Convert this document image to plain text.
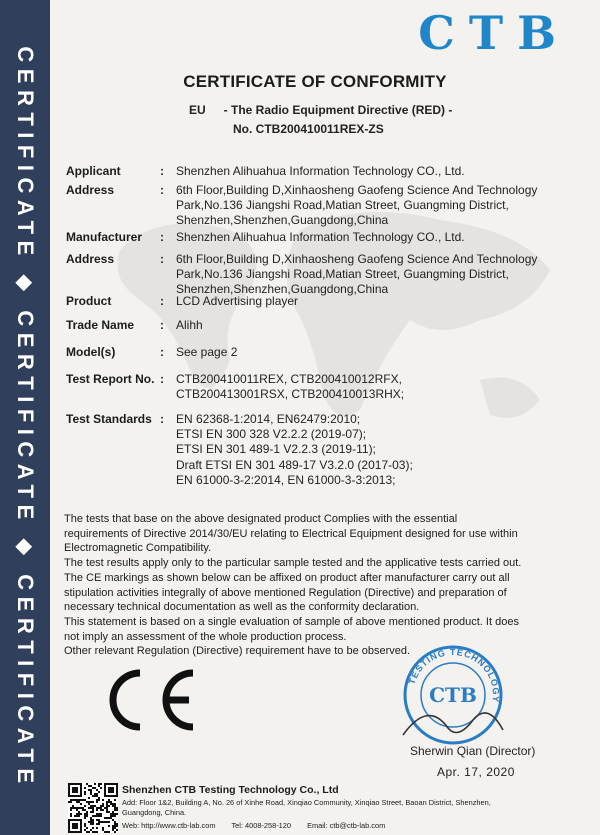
CERTIFICATE ◆ CERTIFICATE ◆ CERTIFICATE
CTB
CERTIFICATE OF CONFORMITY
EU - The Radio Equipment Directive (RED) -
No. CTB200410011REX-ZS
Applicant	: Shenzhen Alihuahua Information Technology CO., Ltd.
Address	: 6th Floor,Building D,Xinhaosheng Gaofeng Science And Technology
Park,No.136 Jiangshi Road,Matian Street, Guangming District,
Shenzhen,Shenzhen,Guangdong,China
Manufacturer : Shenzhen Alihuahua Information Technology CO., Ltd.
Address	: 6th Floor,Building D,Xinhaosheng Gaofeng Science And Technology
Park,No.136 Jiangshi Road,Matian Street, Guangming District,
Shenzhen,Shenzhen,Guangdong,China
Product	: LCD Advertising player
Trade Name : Alihh
Model(s)	: See page 2
Test Report No. : CTB200410011REX, CTB200410012RFX,
CTB200413001RSX, CTB200410013RHX;
Test Standards : EN 62368-1:2014, EN62479:2010;
ETSI EN 300 328 V2.2.2 (2019-07);
ETSI EN 301 489-1 V2.2.3 (2019-11);
Draft ETSI EN 301 489-17 V3.2.0 (2017-03);
EN 61000-3-2:2014, EN 61000-3-3:2013;
The tests that base on the above designated product Complies with the essential
requirements of Directive 2014/30/EU relating to Electrical Equipment designed for use within
Electromagnetic Compatibility.
The test results apply only to the particular sample tested and the applicative tests carried out.
The CE markings as shown below can be affixed on product after manufacturer carry out all
stipulation activities integrally of above mentioned Regulation (Directive) and preparation of
necessary technical documentation as well as the conformity declaration.
This statement is based on a single evaluation of sample of above mentioned product. It does
not imply an assessment of the whole production process.
Other relevant Regulation (Directive) requirement have to be observed.
TESTING TECHNOLOGY
CTB
Sherwin Qian (Director)
Apr. 17, 2020
Shenzhen CTB Testing Technology Co., Ltd
Add: Floor 1&2, Building A, No. 26 of Xinhe Road, Xinqiao Community, Xinqiao Street, Baoan District, Shenzhen,
Guangdong, China.
Web: http://www.ctb-lab.com Tel: 4008-258-120 Email: ctb@ctb-lab.com
